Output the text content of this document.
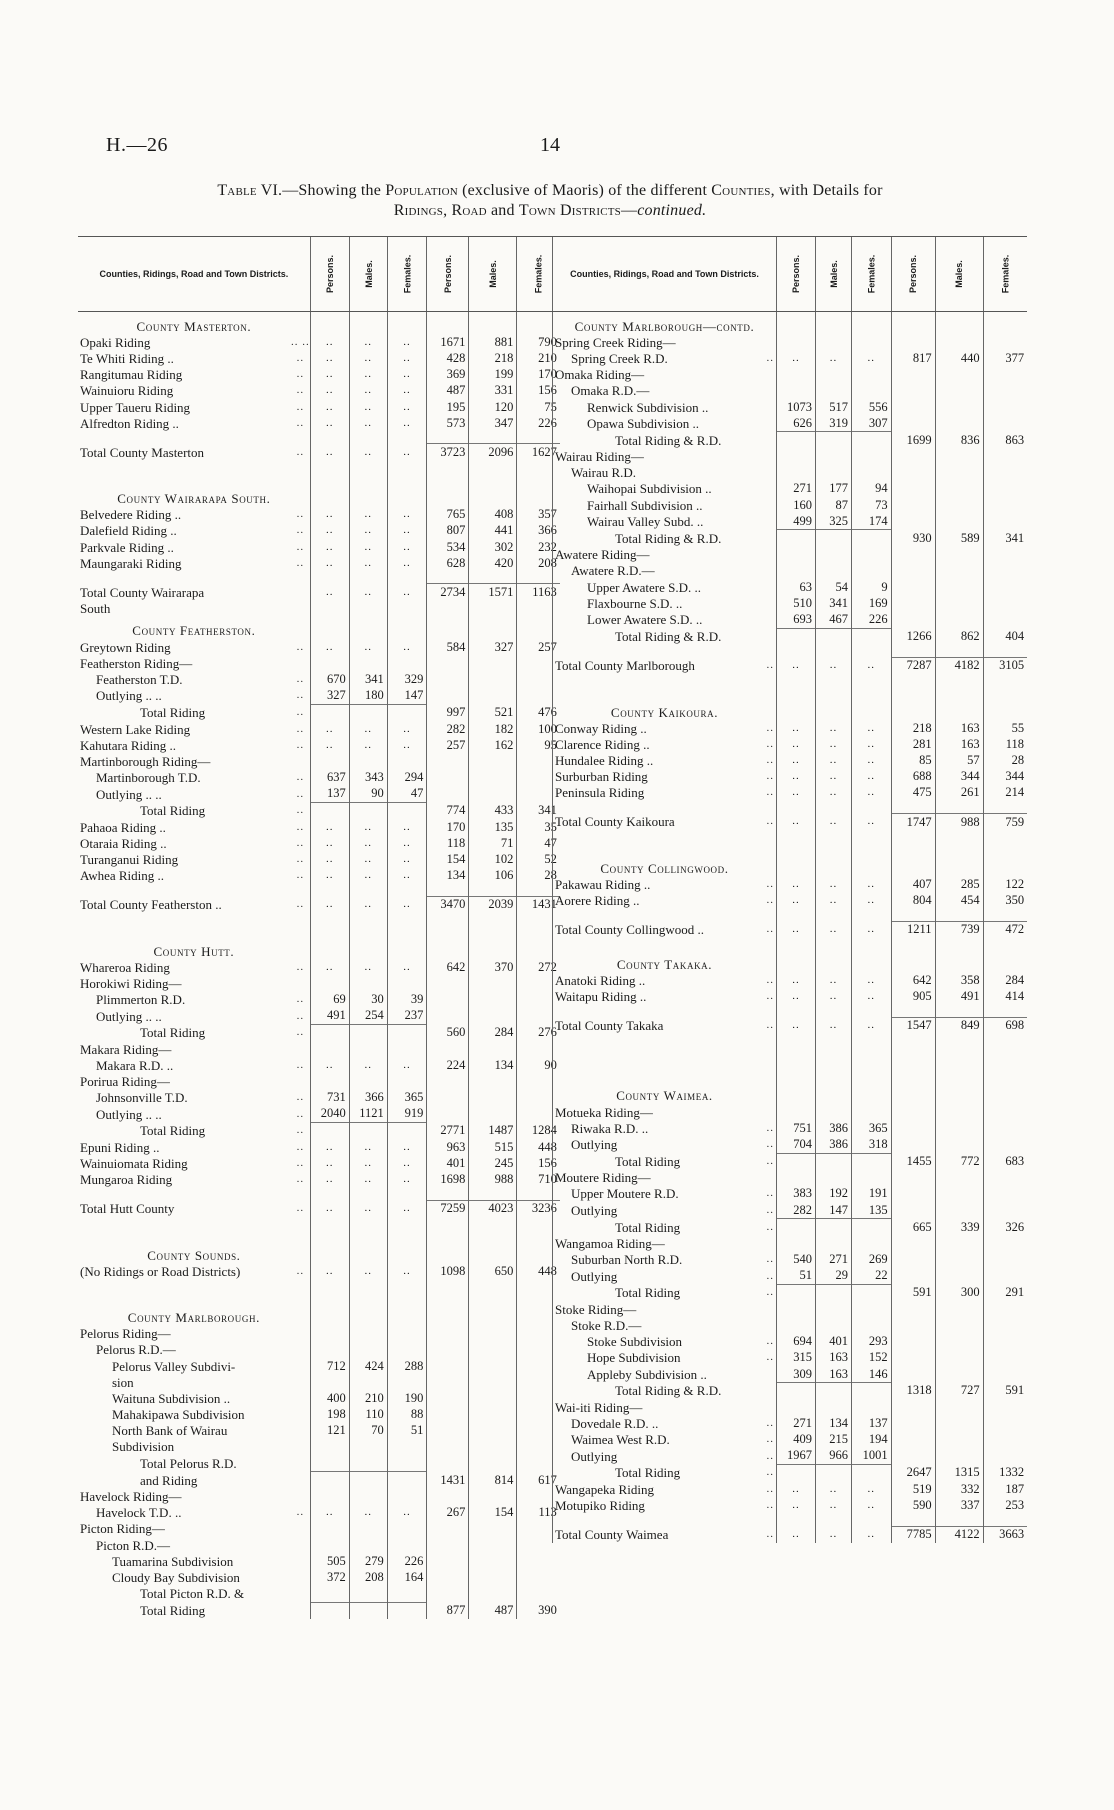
H.—26	14
Table VI.—Showing the Population (exclusive of Maoris) of the different Counties, with Details for
Ridings, Road and Town Districts—continued.
Counties, Ridings, Road and Town Districts.		Persons.	Males.	Females.	Persons.	Males.	Females.
County Masterton.							
Opaki Riding	.. ..	..	..	..	1671	881	790
Te Whiti Riding ..	..	..	..	..	428	218	210
Rangitumau Riding	..	..	..	..	369	199	170
Wainuioru Riding	..	..	..	..	487	331	156
Upper Taueru Riding	..	..	..	..	195	120	75
Alfredton Riding ..	..	..	..	..	573	347	226

Total County Masterton	..	..	..	..	3723	2096	1627

County Wairarapa South.							
Belvedere Riding ..	..	..	..	..	765	408	357
Dalefield Riding ..	..	..	..	..	807	441	366
Parkvale Riding ..	..	..	..	..	534	302	232
Maungaraki Riding	..	..	..	..	628	420	208

Total County Wairarapa		..	..	..	2734	1571	1163
South							
County Featherston.							
Greytown Riding	..	..	..	..	584	327	257
Featherston Riding—							
Featherston T.D.	..	670	341	329			
Outlying .. ..	..	327	180	147			
Total Riding	..				997	521	476
Western Lake Riding	..	..	..	..	282	182	100
Kahutara Riding ..	..	..	..	..	257	162	95
Martinborough Riding—							
Martinborough T.D.	..	637	343	294			
Outlying .. ..	..	137	90	47			
Total Riding	..				774	433	341
Pahaoa Riding ..	..	..	..	..	170	135	35
Otaraia Riding ..	..	..	..	..	118	71	47
Turanganui Riding	..	..	..	..	154	102	52
Awhea Riding ..	..	..	..	..	134	106	28

Total County Featherston ..	..	..	..	..	3470	2039	1431

County Hutt.							
Whareroa Riding	..	..	..	..	642	370	272
Horokiwi Riding—							
Plimmerton R.D.	..	69	30	39			
Outlying .. ..	..	491	254	237			
Total Riding	..				560	284	276
Makara Riding—							
Makara R.D. ..	..	..	..	..	224	134	90
Porirua Riding—							
Johnsonville T.D.	..	731	366	365			
Outlying .. ..	..	2040	1121	919			
Total Riding	..				2771	1487	1284
Epuni Riding ..	..	..	..	..	963	515	448
Wainuiomata Riding	..	..	..	..	401	245	156
Mungaroa Riding	..	..	..	..	1698	988	710

Total Hutt County	..	..	..	..	7259	4023	3236

County Sounds.							
(No Ridings or Road Districts)	..	..	..	..	1098	650	448

County Marlborough.							
Pelorus Riding—							
Pelorus R.D.—							
Pelorus Valley Subdivi-		712	424	288			
sion							
Waituna Subdivision ..		400	210	190			
Mahakipawa Subdivision		198	110	88			
North Bank of Wairau		121	70	51			
Subdivision							
Total Pelorus R.D.							
and Riding					1431	814	617
Havelock Riding—							
Havelock T.D. ..	..	..	..	..	267	154	113
Picton Riding—							
Picton R.D.—							
Tuamarina Subdivision		505	279	226			
Cloudy Bay Subdivision		372	208	164			
Total Picton R.D. &							
Total Riding					877	487	390
Counties, Ridings, Road and Town Districts.		Persons.	Males.	Females.	Persons.	Males.	Females.
County Marlborough—contd.							
Spring Creek Riding—							
Spring Creek R.D.	..	..	..	..	817	440	377
Omaka Riding—							
Omaka R.D.—							
Renwick Subdivision ..		1073	517	556			
Opawa Subdivision ..		626	319	307			
Total Riding & R.D.					1699	836	863
Wairau Riding—							
Wairau R.D.							
Waihopai Subdivision ..		271	177	94			
Fairhall Subdivision ..		160	87	73			
Wairau Valley Subd. ..		499	325	174			
Total Riding & R.D.					930	589	341
Awatere Riding—							
Awatere R.D.—							
Upper Awatere S.D. ..		63	54	9			
Flaxbourne S.D. ..		510	341	169			
Lower Awatere S.D. ..		693	467	226			
Total Riding & R.D.					1266	862	404

Total County Marlborough	..	..	..	..	7287	4182	3105

County Kaikoura.							
Conway Riding ..	..	..	..	..	218	163	55
Clarence Riding ..	..	..	..	..	281	163	118
Hundalee Riding ..	..	..	..	..	85	57	28
Surburban Riding	..	..	..	..	688	344	344
Peninsula Riding	..	..	..	..	475	261	214

Total County Kaikoura	..	..	..	..	1747	988	759

County Collingwood.							
Pakawau Riding ..	..	..	..	..	407	285	122
Aorere Riding ..	..	..	..	..	804	454	350

Total County Collingwood ..	..	..	..	..	1211	739	472

County Takaka.							
Anatoki Riding ..	..	..	..	..	642	358	284
Waitapu Riding ..	..	..	..	..	905	491	414

Total County Takaka	..	..	..	..	1547	849	698

County Waimea.							
Motueka Riding—							
Riwaka R.D. ..	..	751	386	365			
Outlying	..	704	386	318			
Total Riding	..				1455	772	683
Moutere Riding—							
Upper Moutere R.D.	..	383	192	191			
Outlying	..	282	147	135			
Total Riding	..				665	339	326
Wangamoa Riding—							
Suburban North R.D.	..	540	271	269			
Outlying	..	51	29	22			
Total Riding	..				591	300	291
Stoke Riding—							
Stoke R.D.—							
Stoke Subdivision	..	694	401	293			
Hope Subdivision	..	315	163	152			
Appleby Subdivision ..		309	163	146			
Total Riding & R.D.					1318	727	591
Wai-iti Riding—							
Dovedale R.D. ..	..	271	134	137			
Waimea West R.D.	..	409	215	194			
Outlying	..	1967	966	1001			
Total Riding	..				2647	1315	1332
Wangapeka Riding	..	..	..	..	519	332	187
Motupiko Riding	..	..	..	..	590	337	253

Total County Waimea	..	..	..	..	7785	4122	3663
